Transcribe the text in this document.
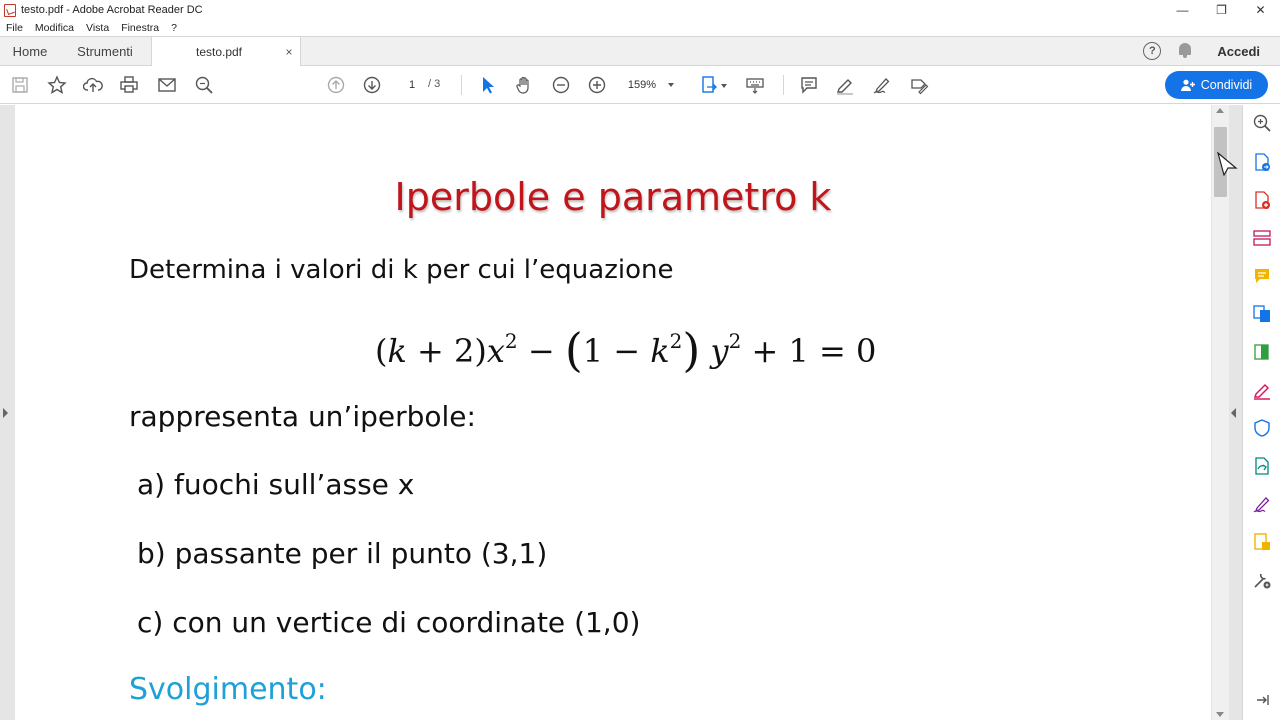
testo.pdf - Adobe Acrobat Reader DC	—	❐	✕
File Modifica Vista Finestra ?
Home	Strumenti	testo.pdf	×	?	Accedi
1
/ 3	159%	Condividi
Iperbole e parametro k
Determina i valori di k per cui l’equazione
$(k + 2)x^2 - (1 - k^2)$ $y^2 + 1 = 0$
rappresenta un’iperbole:
a) fuochi sull’asse x
b) passante per il punto (3,1)
c) con un vertice di coordinate (1,0)
Svolgimento:
